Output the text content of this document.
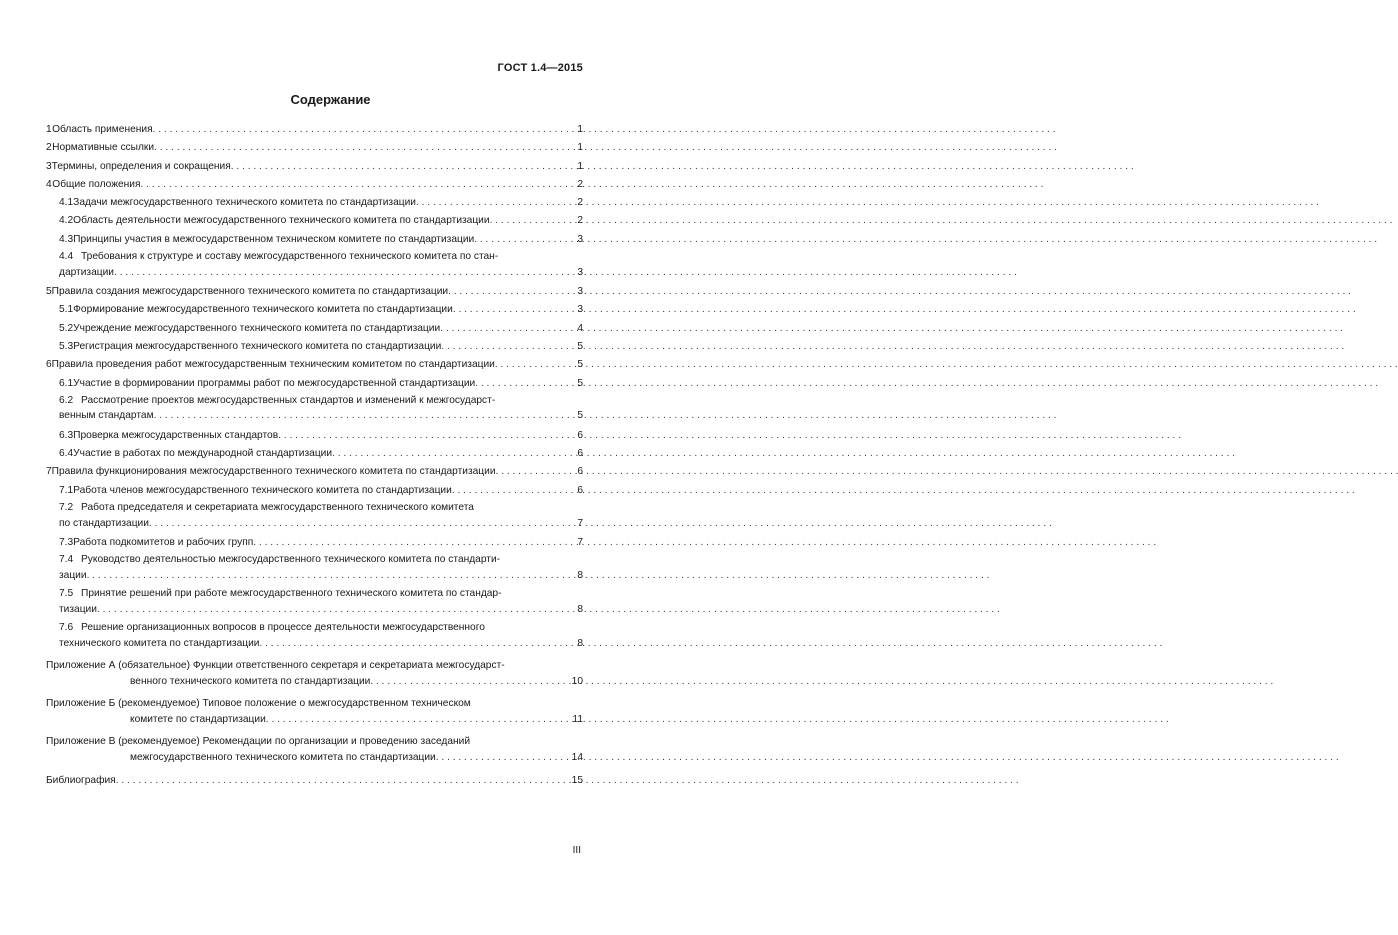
ГОСТ 1.4—2015
Содержание
1 Область применения . . .	1
2 Нормативные ссылки . . .	1
3 Термины, определения и сокращения . . .	1
4 Общие положения . . .	2
4.1 Задачи межгосударственного технического комитета по стандартизации . . .	2
4.2 Область деятельности межгосударственного технического комитета по стандартизации . . .	2
4.3 Принципы участия в межгосударственном техническом комитете по стандартизации . . .	3
4.4 Требования к структуре и составу межгосударственного технического комитета по стан-
дартизации . . .	3
5 Правила создания межгосударственного технического комитета по стандартизации . . .	3
5.1 Формирование межгосударственного технического комитета по стандартизации . . .	3
5.2 Учреждение межгосударственного технического комитета по стандартизации . . .	4
5.3 Регистрация межгосударственного технического комитета по стандартизации . . .	5
6 Правила проведения работ межгосударственным техническим комитетом по стандартизации . . .	5
6.1 Участие в формировании программы работ по межгосударственной стандартизации . . .	5
6.2 Рассмотрение проектов межгосударственных стандартов и изменений к межгосударст-
венным стандартам . . .	5
6.3 Проверка межгосударственных стандартов . . .	6
6.4 Участие в работах по международной стандартизации . . .	6
7 Правила функционирования межгосударственного технического комитета по стандартизации . . .	6
7.1 Работа членов межгосударственного технического комитета по стандартизации . . .	6
7.2 Работа председателя и секретариата межгосударственного технического комитета
по стандартизации . . .	7
7.3 Работа подкомитетов и рабочих групп . . .	7
7.4 Руководство деятельностью межгосударственного технического комитета по стандарти-
зации . . .	8
7.5 Принятие решений при работе межгосударственного технического комитета по стандар-
тизации . . .	8
7.6 Решение организационных вопросов в процессе деятельности межгосударственного
технического комитета по стандартизации . . .	8
Приложение А (обязательное) Функции ответственного секретаря и секретариата межгосударст-
венного технического комитета по стандартизации . . .	10
Приложение Б (рекомендуемое) Типовое положение о межгосударственном техническом
комитете по стандартизации . . .	11
Приложение В (рекомендуемое) Рекомендации по организации и проведению заседаний
межгосударственного технического комитета по стандартизации . . .	14
Библиография . . .	15
III
